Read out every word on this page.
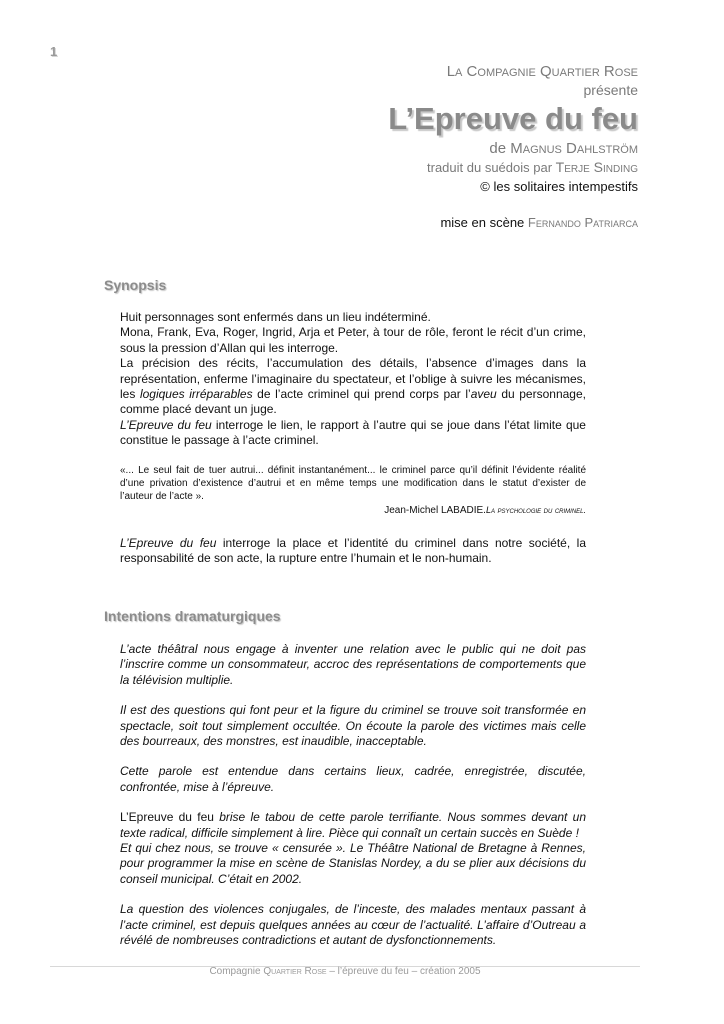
1
La Compagnie Quartier Rose
présente
L’Epreuve du feu
de Magnus Dahlström
traduit du suédois par Terje Sinding
© les solitaires intempestifs
mise en scène Fernando Patriarca
Synopsis

Huit personnages sont enfermés dans un lieu indéterminé.

Mona, Frank, Eva, Roger, Ingrid, Arja et Peter, à tour de rôle, feront le récit d’un crime, sous la pression d’Allan qui les interroge.

La précision des récits, l’accumulation des détails, l’absence d’images dans la représentation, enferme l’imaginaire du spectateur, et l’oblige à suivre les mécanismes, les logiques irréparables de l’acte criminel qui prend corps par l’aveu du personnage, comme placé devant un juge.

L’Epreuve du feu interroge le lien, le rapport à l’autre qui se joue dans l’état limite que constitue le passage à l’acte criminel.

«... Le seul fait de tuer autrui... définit instantanément... le criminel parce qu’il définit l’évidente réalité d’une privation d’existence d’autrui et en même temps une modification dans le statut d’exister de l’auteur de l’acte ».

Jean-Michel LABADIE.La psychologie du criminel.

L’Epreuve du feu interroge la place et l’identité du criminel dans notre société, la responsabilité de son acte, la rupture entre l’humain et le non-humain.

Intentions dramaturgiques

L’acte théâtral nous engage à inventer une relation avec le public qui ne doit pas l’inscrire comme un consommateur, accroc des représentations de comportements que la télévision multiplie.

Il est des questions qui font peur et la figure du criminel se trouve soit transformée en spectacle, soit tout simplement occultée. On écoute la parole des victimes mais celle des bourreaux, des monstres, est inaudible, inacceptable.

Cette parole est entendue dans certains lieux, cadrée, enregistrée, discutée, confrontée, mise à l’épreuve.

L’Epreuve du feu brise le tabou de cette parole terrifiante. Nous sommes devant un texte radical, difficile simplement à lire. Pièce qui connaît un certain succès en Suède !

Et qui chez nous, se trouve « censurée ». Le Théâtre National de Bretagne à Rennes, pour programmer la mise en scène de Stanislas Nordey, a du se plier aux décisions du conseil municipal. C’était en 2002.

La question des violences conjugales, de l’inceste, des malades mentaux passant à l’acte criminel, est depuis quelques années au cœur de l’actualité. L’affaire d’Outreau a révélé de nombreuses contradictions et autant de dysfonctionnements.

Compagnie Quartier Rose – l’épreuve du feu – création 2005
